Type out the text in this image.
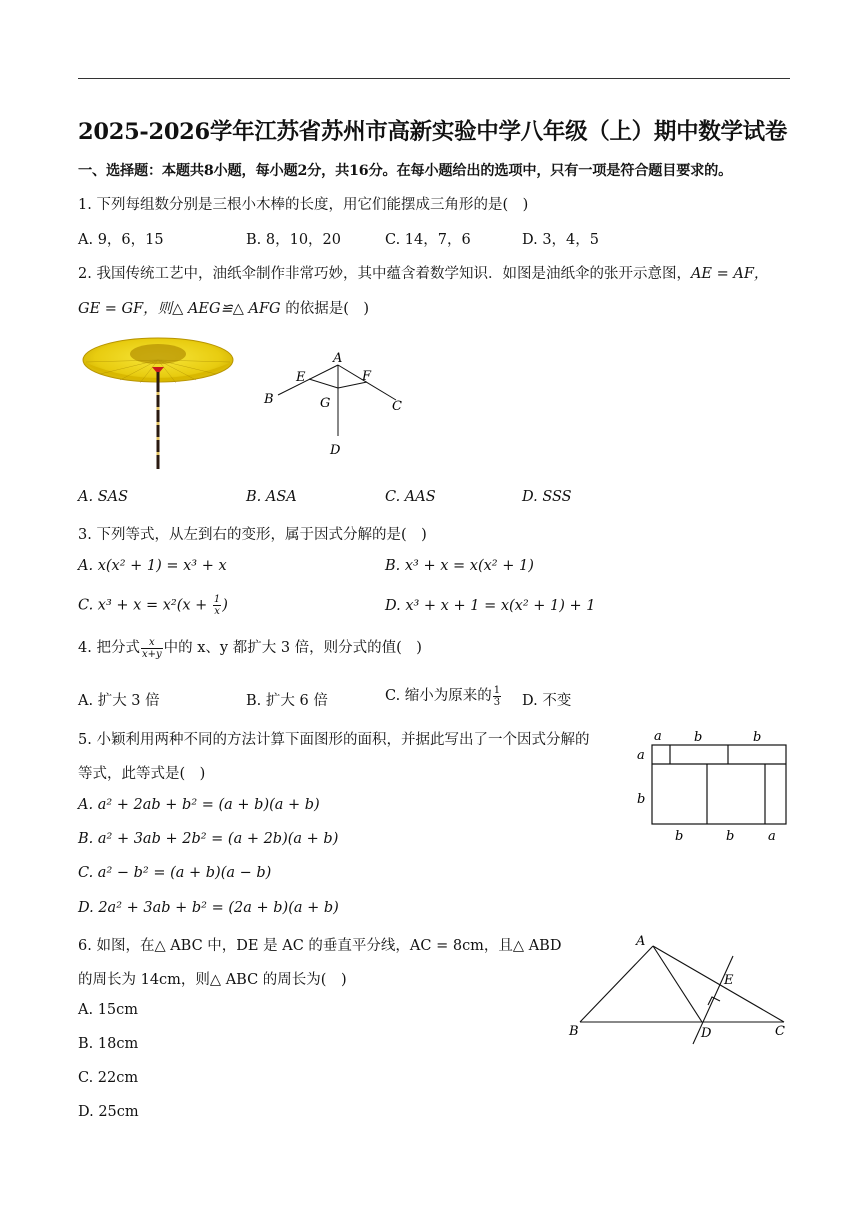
2025-2026学年江苏省苏州市高新实验中学八年级（上）期中数学试卷
一、选择题：本题共8小题，每小题2分，共16分。在每小题给出的选项中，只有一项是符合题目要求的。
1. 下列每组数分别是三根小木棒的长度，用它们能摆成三角形的是(　)
A. 9，6，15	B. 8，10，20	C. 14，7，6	D. 3，4，5
2. 我国传统工艺中，油纸伞制作非常巧妙，其中蕴含着数学知识．如图是油纸伞的张开示意图，AE = AF，
GE = GF，则△ AEG≌△ AFG 的依据是(　)
A
E	F
B	G	C
D
A. SAS	B. ASA	C. AAS	D. SSS
3. 下列等式，从左到右的变形，属于因式分解的是(　)
A. x(x² + 1) = x³ + x	B. x³ + x = x(x² + 1)
C. $x^3 + x = x^2(x + \frac{1}{x}$ )	D. x³ + x + 1 = x(x² + 1) + 1
4. 把分式 $\frac{x}{x+y}$ 中的 x、y 都扩大 3 倍，则分式的值(　)
A. 扩大 3 倍	B. 扩大 6 倍	C. 缩小为原来的 $\frac{1}{3} D$. 不变
5. 小颖利用两种不同的方法计算下面图形的面积，并据此写出了一个因式分解的
等式，此等式是(　)
A. a² + 2ab + b² = (a + b)(a + b)
B. a² + 3ab + 2b² = (a + 2b)(a + b)
C. a² − b² = (a + b)(a − b)
D. 2a² + 3ab + b² = (2a + b)(a + b)
a b	b
a
b
b	b	a
6. 如图，在△ ABC 中，DE 是 AC 的垂直平分线，AC = 8cm，且△ ABD
的周长为 14cm，则△ ABC 的周长为(　)
A. 15cm
B. 18cm
C. 22cm
D. 25cm
A
E
B	D	C
